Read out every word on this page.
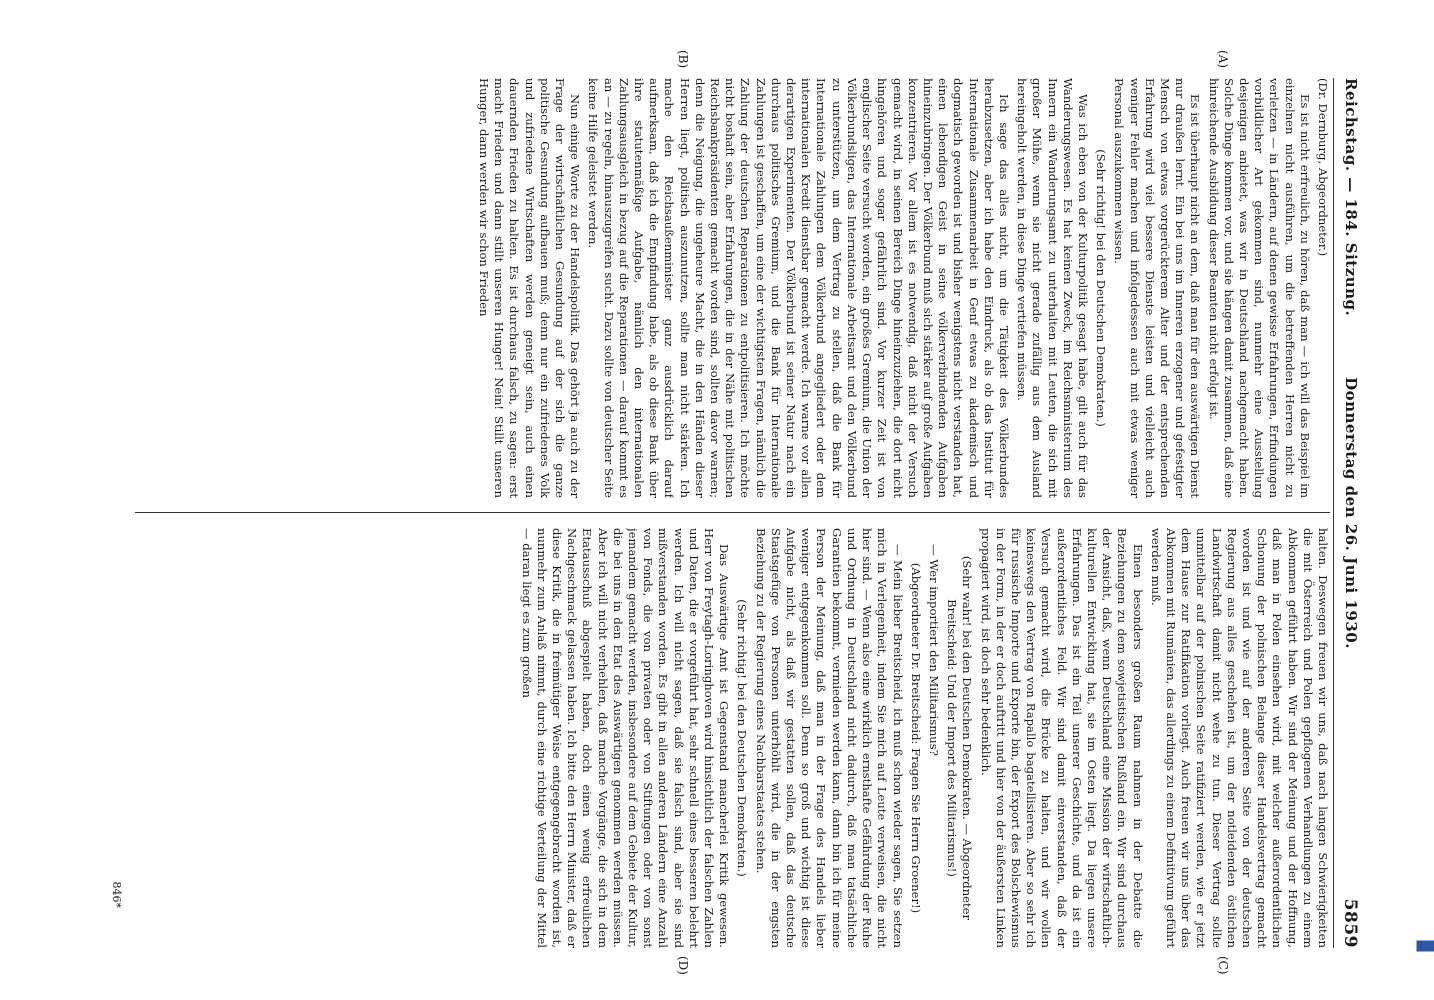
Reichstag. — 184. Sitzung.
Donnerstag den 26. Juni 1930.
5859

(Dr. Dernburg, Abgeordneter.)

Es ist nicht erfreulich, zu hören, daß man — ich will das Beispiel im einzelnen nicht ausführen, um die betreffenden Herren nicht zu verletzen — in Ländern, auf denen gewisse Erfahrungen, Erfindungen vorbildlicher Art gekommen sind, nunmehr eine Ausstellung desjenigen anbietet, was wir in Deutschland nachgemacht haben. Solche Dinge kommen vor, und sie hängen damit zusammen, daß eine hinreichende Ausbildung dieser Beamten nicht erfolgt ist.

Es ist überhaupt nicht an dem, daß man für den auswärtigen Dienst nur draußen lernt. Ein bei uns im Inneren erzogener und gefestigter Mensch von etwas vorgerückterem Alter und der entsprechenden Erfahrung wird viel bessere Dienste leisten und vielleicht auch weniger Fehler machen und infolgedessen auch mit etwas weniger Personal auszukommen wissen.

(Sehr richtig! bei den Deutschen Demokraten.)

Was ich eben von der Kulturpolitik gesagt habe, gilt auch für das Wanderungswesen. Es hat keinen Zweck, im Reichsministerium des Innern ein Wanderungsamt zu unterhalten mit Leuten, die sich mit großer Mühe, wenn sie nicht gerade zufällig aus dem Ausland hereingeholt werden, in diese Dinge vertiefen müssen.

Ich sage das alles nicht, um die Tätigkeit des Völkerbundes herabzusetzen, aber ich habe den Eindruck, als ob das Institut für Internationale Zusammenarbeit in Genf etwas zu akademisch und dogmatisch geworden ist und bisher wenigstens nicht verstanden hat, einen lebendigen Geist in seine völkerverbindenden Aufgaben hineinzubringen. Der Völkerbund muß sich stärker auf große Aufgaben konzentrieren. Vor allem ist es notwendig, daß nicht der Versuch gemacht wird, in seinen Bereich Dinge hineinzuziehen, die dort nicht hingehören und sogar gefährlich sind. Vor kurzer Zeit ist von englischer Seite versucht worden, ein großes Gremium, die Union der Völkerbundsligen, das Internationale Arbeitsamt und den Völkerbund zu unterstützen, um dem Vertrag zu stellen, daß die Bank für Internationale Zahlungen dem Völkerbund angegliedert oder dem internationalen Kredit dienstbar gemacht werde. Ich warne vor allen derartigen Experimenten. Der Völkerbund ist seiner Natur nach ein durchaus politisches Gremium, und die Bank für Internationale Zahlungen ist geschaffen, um eine der wichtigsten Fragen, nämlich die Zahlung der deutschen Reparationen zu entpolitisieren. Ich möchte nicht boshaft sein, aber Erfahrungen, die in der Nähe mit politischen Reichsbankpräsidenten gemacht worden sind, sollten davor warnen; denn die Neigung, die ungeheure Macht, die in den Händen dieser Herren liegt, politisch auszunutzen, sollte man nicht stärken. Ich mache den Reichsaußenminister ganz ausdrücklich darauf aufmerksam, daß ich die Empfindung habe, als ob diese Bank über ihre statutenmäßige Aufgabe, nämlich den internationalen Zahlungsausgleich in bezug auf die Reparationen — darauf kommt es an — zu regeln, hinauszugreifen sucht. Dazu sollte von deutscher Seite keine Hilfe geleistet werden.

Nun einige Worte zu der Handelspolitik. Das gehört ja auch zu der Frage der wirtschaftlichen Gesundung auf der sich die ganze politische Gesundung aufbauen muß; denn nur ein zufriedenes Volk und zufriedene Wirtschaften werden geneigt sein, auch einen dauernden Frieden zu halten. Es ist durchaus falsch, zu sagen: erst macht Frieden und dann stillt unseren Hunger! Nein! Stillt unseren Hunger, dann werden wir schon Frieden

halten. Deswegen freuen wir uns, daß nach langen Schwierigkeiten die mit Österreich und Polen gepflogenen Verhandlungen zu einem Abkommen geführt haben. Wir sind der Meinung und der Hoffnung, daß man in Polen einsehen wird, mit welcher außerordentlichen Schonung der polnischen Belange dieser Handelsvertrag gemacht worden ist und wie auf der anderen Seite von der deutschen Regierung aus alles geschehen ist, um der notleidenden östlichen Landwirtschaft damit nicht wehe zu tun. Dieser Vertrag sollte unmittelbar auf der polnischen Seite ratifiziert werden, wie er jetzt dem Hause zur Ratifikation vorliegt. Auch freuen wir uns über das Abkommen mit Rumänien, das allerdings zu einem Definitivum geführt werden muß.

Einen besonders großen Raum nahmen in der Debatte die Beziehungen zu dem sowjetistischen Rußland ein. Wir sind durchaus der Ansicht, daß, wenn Deutschland eine Mission der wirtschaftlich-kulturellen Entwicklung hat, sie im Osten liegt. Da liegen unsere Erfahrungen. Das ist ein Teil unserer Geschichte, und da ist ein außerordentliches Feld. Wir sind damit einverstanden, daß der Versuch gemacht wird, die Brücke zu halten, und wir wollen keineswegs den Vertrag von Rapallo bagatellisieren. Aber so sehr ich für russische Importe und Exporte bin, der Export des Bolschewismus in der Form, in der er doch auftritt und hier von der äußersten Linken propagiert wird, ist doch sehr bedenklich.

(Sehr wahr! bei den Deutschen Demokraten. — Abgeordneter Breitscheid: Und der Import des Militarismus!)

— Wer importiert den Militarismus?

(Abgeordneter Dr. Breitscheid: Fragen Sie Herrn Groener!)

— Mein lieber Breitscheid, ich muß schon wieder sagen, Sie setzen mich in Verlegenheit, indem Sie mich auf Leute verweisen, die nicht hier sind. — Wenn also eine wirklich ernsthafte Gefährdung der Ruhe und Ordnung in Deutschland nicht dadurch, daß man tatsächliche Garantien bekommt, vermieden werden kann, dann bin ich für meine Person der Meinung, daß man in der Frage des Handels lieber weniger entgegenkommen soll. Denn so groß und wichtig ist diese Aufgabe nicht, als daß wir gestatten sollen, daß das deutsche Staatsgefüge von Personen unterhöhlt wird, die in der engsten Beziehung zu der Regierung eines Nachbarstaates stehen.

(Sehr richtig! bei den Deutschen Demokraten.)

Das Auswärtige Amt ist Gegenstand mancherlei Kritik gewesen. Herr von Freytagh-Loringhoven wird hinsichtlich der falschen Zahlen und Daten, die er vorgeführt hat, sehr schnell eines besseren belehrt werden. Ich will nicht sagen, daß sie falsch sind, aber sie sind mißverstanden worden. Es gibt in allen anderen Ländern eine Anzahl von Fonds, die von privaten oder von Stiftungen oder von sonst jemandem gemacht werden, insbesondere auf dem Gebiete der Kultur, die bei uns in den Etat des Auswärtigen genommen werden müssen. Aber ich will nicht verhehlen, daß manche Vorgänge, die sich in dem Etatausschuß abgespielt haben, doch einen wenig erfreulichen Nachgeschmack gelassen haben. Ich bitte den Herrn Minister, daß er diese Kritik, die in freimütiger Weise entgegengebracht worden ist, nunmehr zum Anlaß nimmt, durch eine richtige Verteilung der Mittel — daran liegt es zum großen

(A)
(B)
(C)
(D)
846*
